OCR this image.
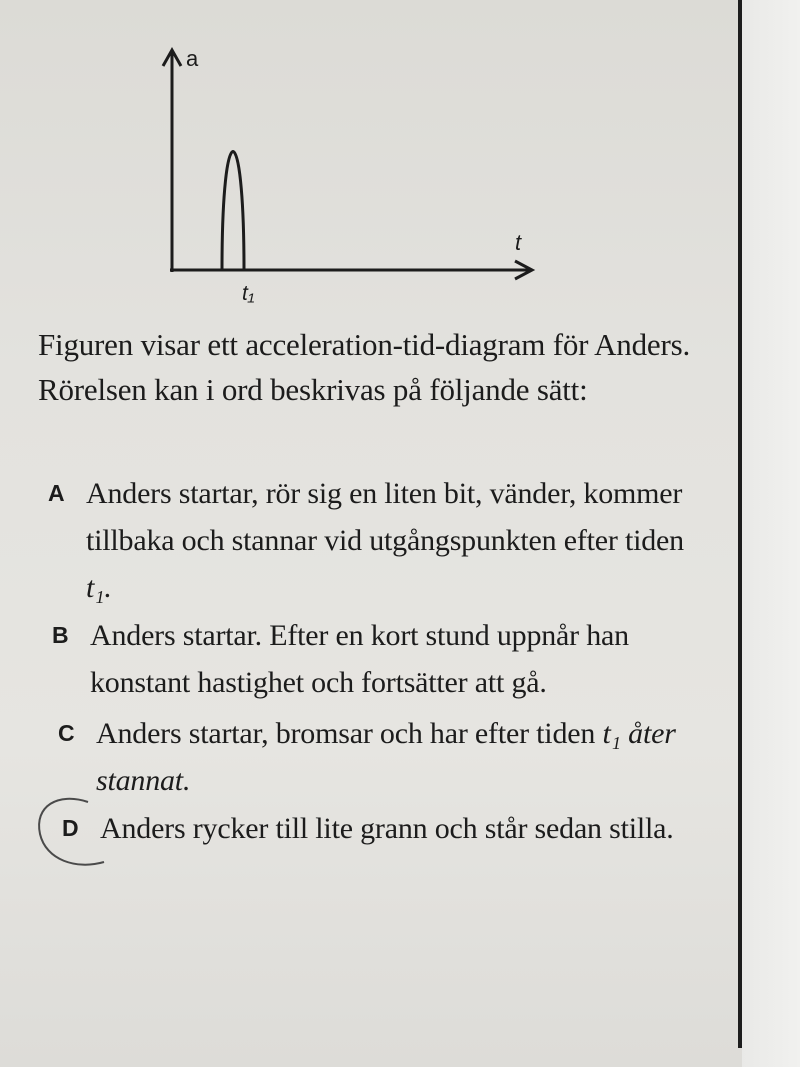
a
t
t₁

Figuren visar ett acceleration-tid-diagram för Anders. Rörelsen kan i ord beskrivas på följande sätt:

A Anders startar, rör sig en liten bit, vänder, kommer tillbaka och stannar vid utgångspunkten efter tiden t₁.
B Anders startar. Efter en kort stund uppnår han konstant hastighet och fortsätter att gå.
C Anders startar, bromsar och har efter tiden t₁ åter stannat.
D Anders rycker till lite grann och står sedan stilla.
